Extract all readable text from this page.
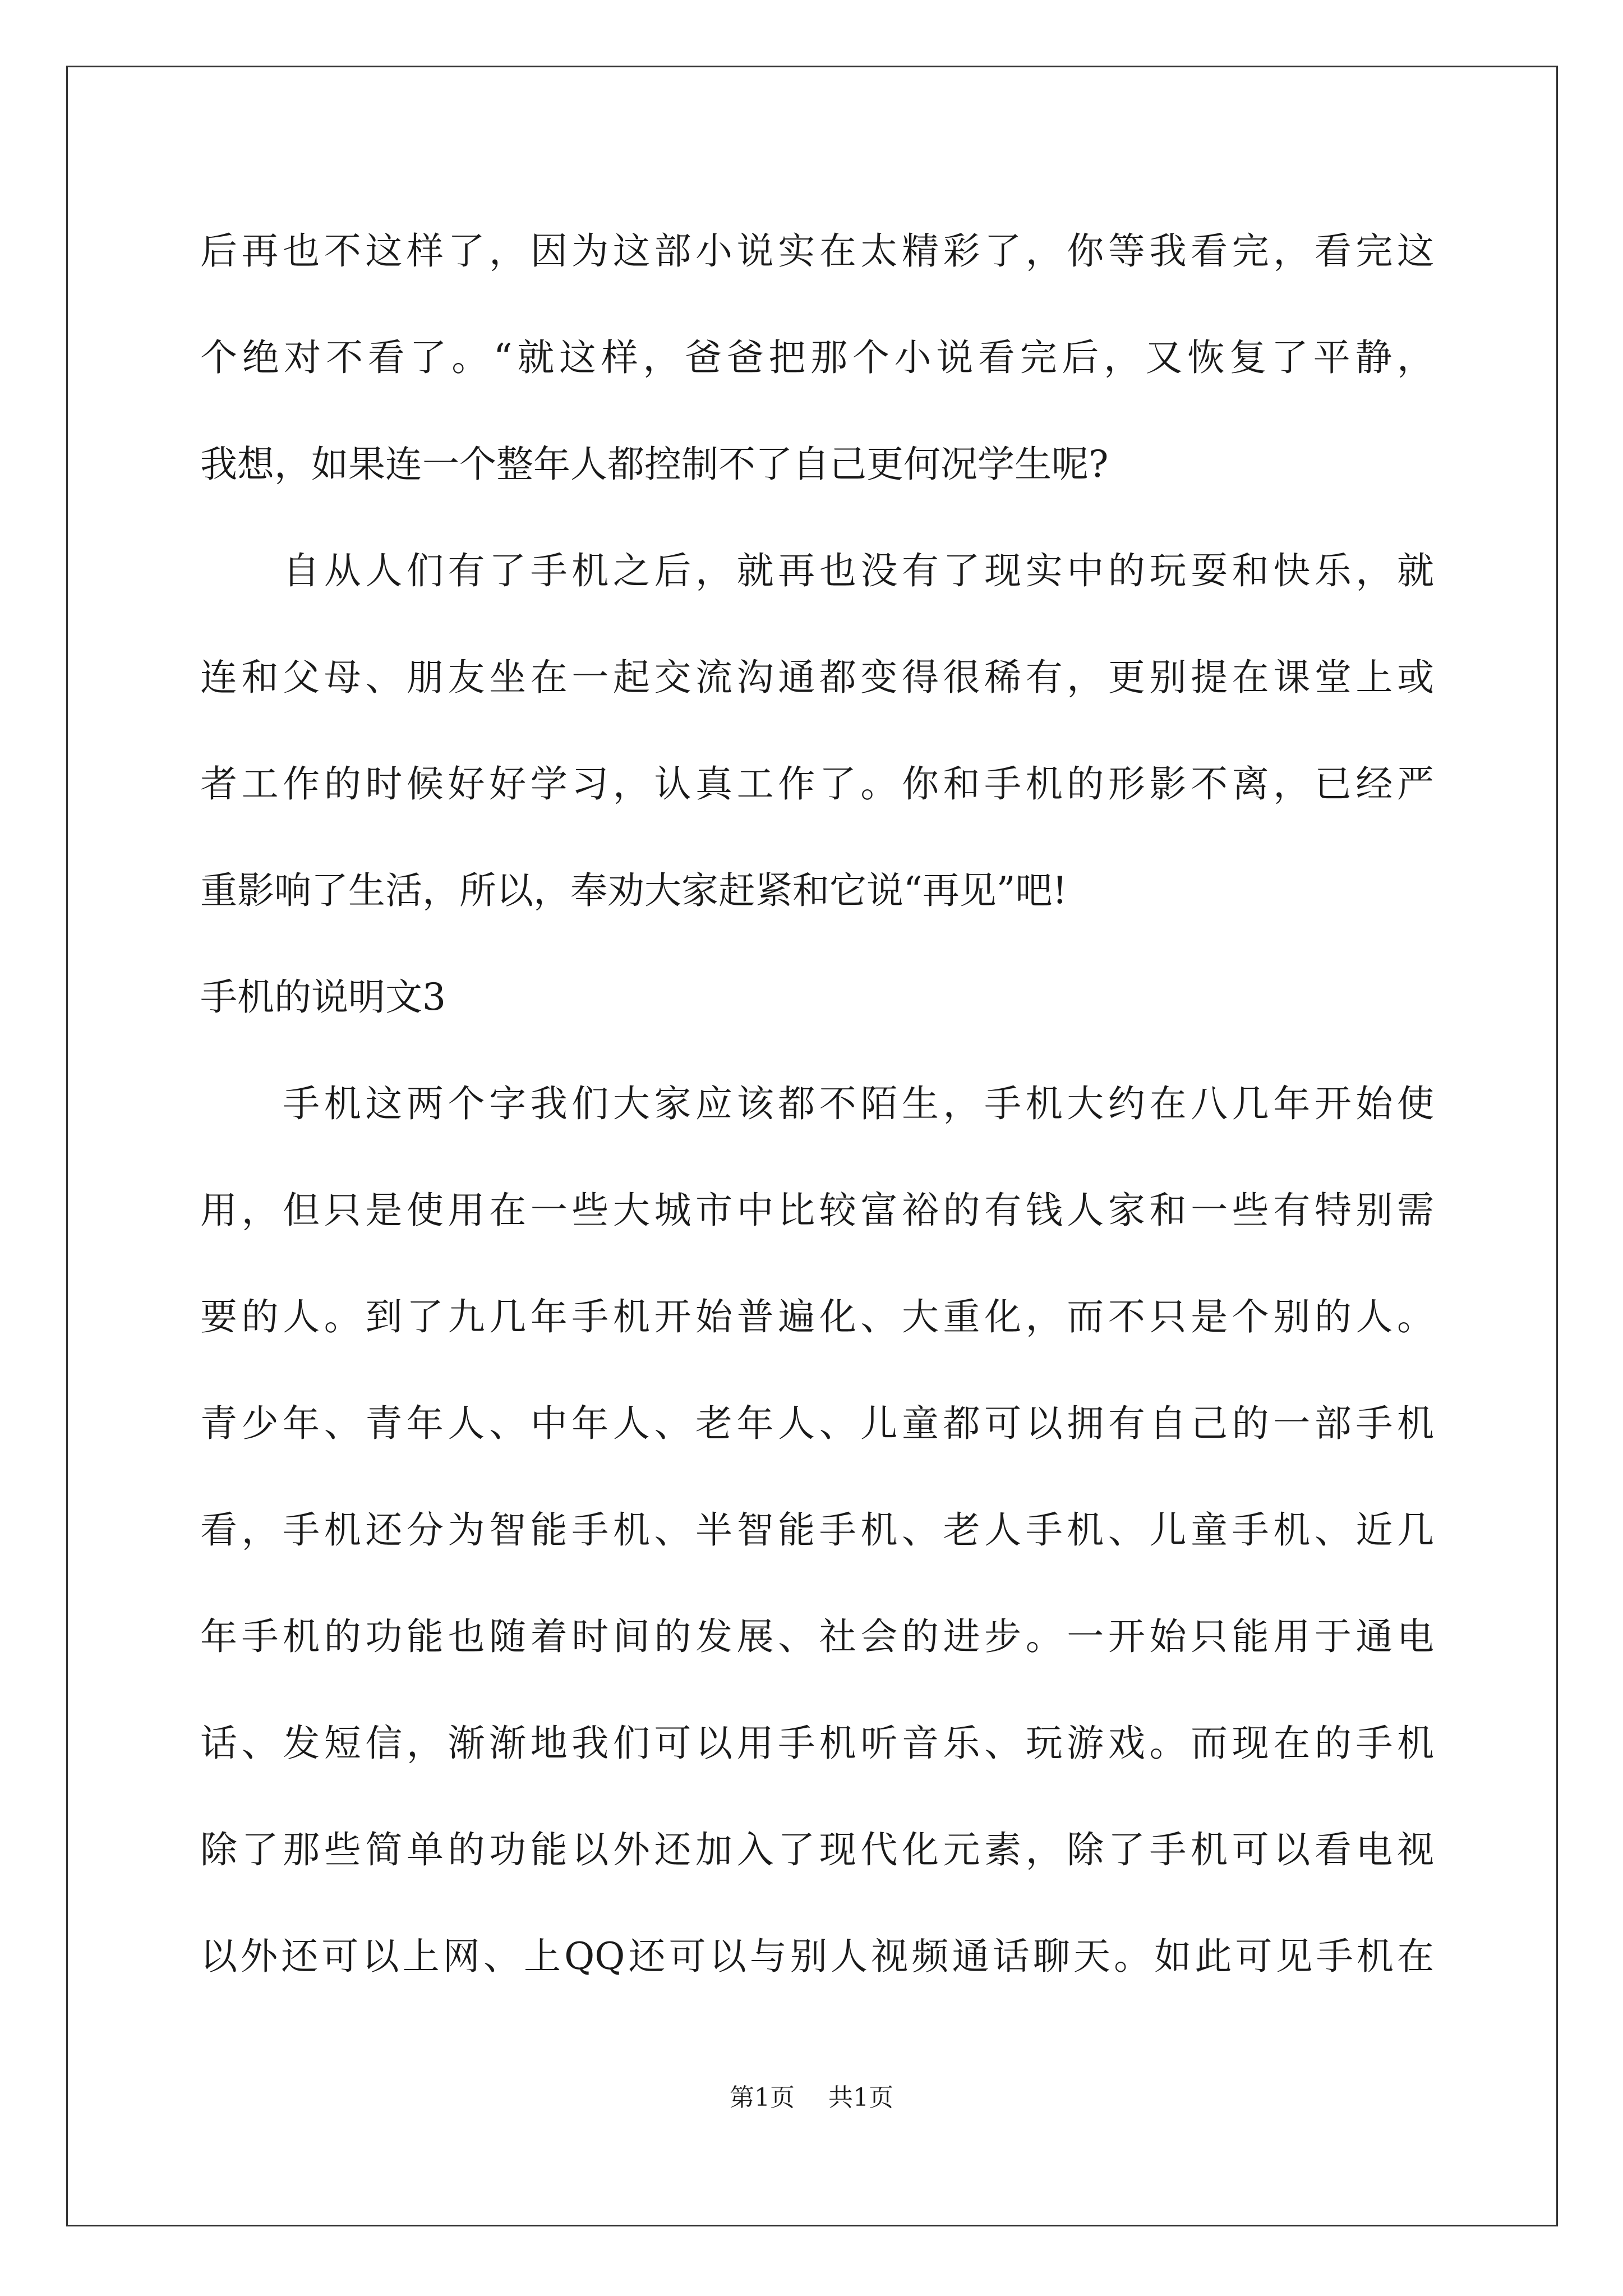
后再也不这样了，因为这部小说实在太精彩了，你等我看完，看完这
个绝对不看了。“就这样，爸爸把那个小说看完后，又恢复了平静，
我想，如果连一个整年人都控制不了自己更何况学生呢?
　　自从人们有了手机之后，就再也没有了现实中的玩耍和快乐，就
连和父母、朋友坐在一起交流沟通都变得很稀有，更别提在课堂上或
者工作的时候好好学习，认真工作了。你和手机的形影不离，已经严
重影响了生活，所以，奉劝大家赶紧和它说“再见”吧!
手机的说明文3
　　手机这两个字我们大家应该都不陌生，手机大约在八几年开始使
用，但只是使用在一些大城市中比较富裕的有钱人家和一些有特别需
要的人。到了九几年手机开始普遍化、大重化，而不只是个别的人。
青少年、青年人、中年人、老年人、儿童都可以拥有自己的一部手机
看，手机还分为智能手机、半智能手机、老人手机、儿童手机、近几
年手机的功能也随着时间的发展、社会的进步。一开始只能用于通电
话、发短信，渐渐地我们可以用手机听音乐、玩游戏。而现在的手机
除了那些简单的功能以外还加入了现代化元素，除了手机可以看电视
以外还可以上网、上QQ还可以与别人视频通话聊天。如此可见手机在
第1页 共1页
